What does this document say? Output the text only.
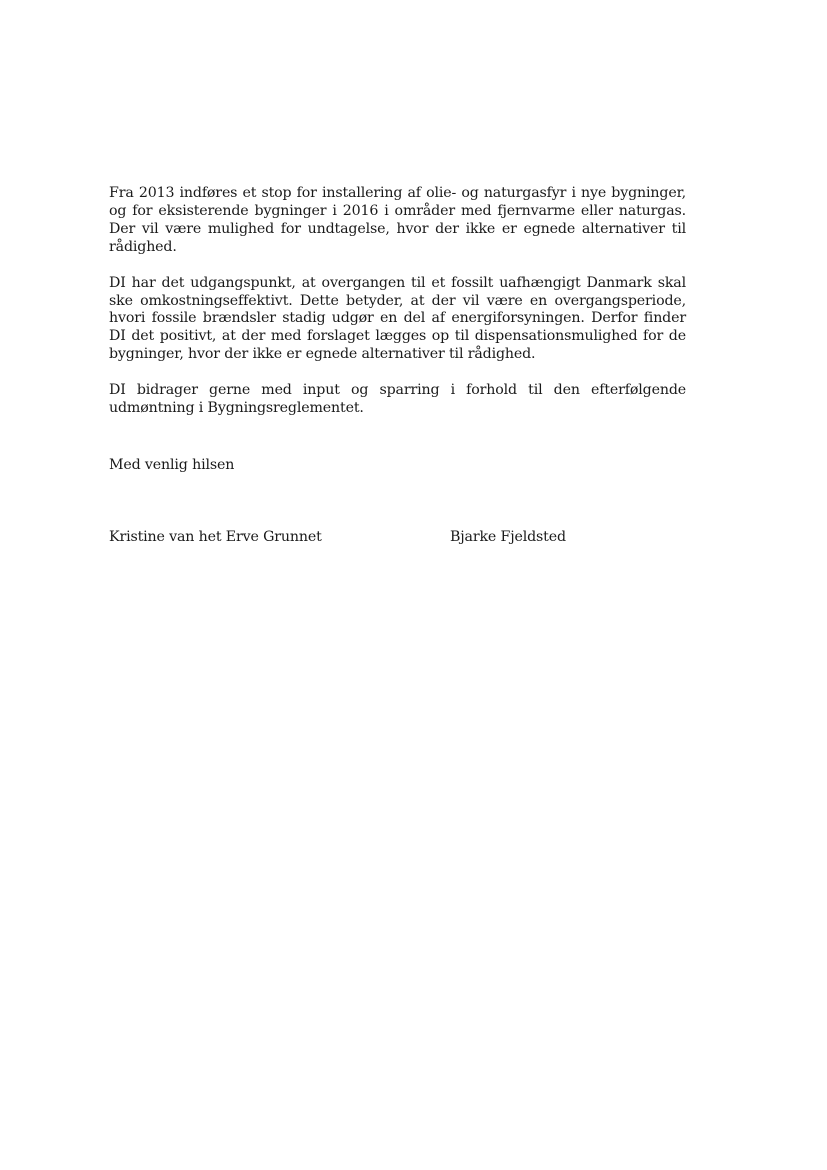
Fra 2013 indføres et stop for installering af olie- og naturgasfyr i nye bygninger, og for eksisterende bygninger i 2016 i områder med fjernvarme eller naturgas. Der vil være mulighed for undtagelse, hvor der ikke er egnede alternativer til rådighed.

DI har det udgangspunkt, at overgangen til et fossilt uafhængigt Danmark skal ske omkostningseffektivt. Dette betyder, at der vil være en overgangsperiode, hvori fossile brændsler stadig udgør en del af energiforsyningen. Derfor finder DI det positivt, at der med forslaget lægges op til dispensationsmulighed for de bygninger, hvor der ikke er egnede alternativer til rådighed.

DI bidrager gerne med input og sparring i forhold til den efterfølgende udmøntning i Bygningsreglementet.

Med venlig hilsen
Kristine van het Erve Grunnet	Bjarke Fjeldsted
